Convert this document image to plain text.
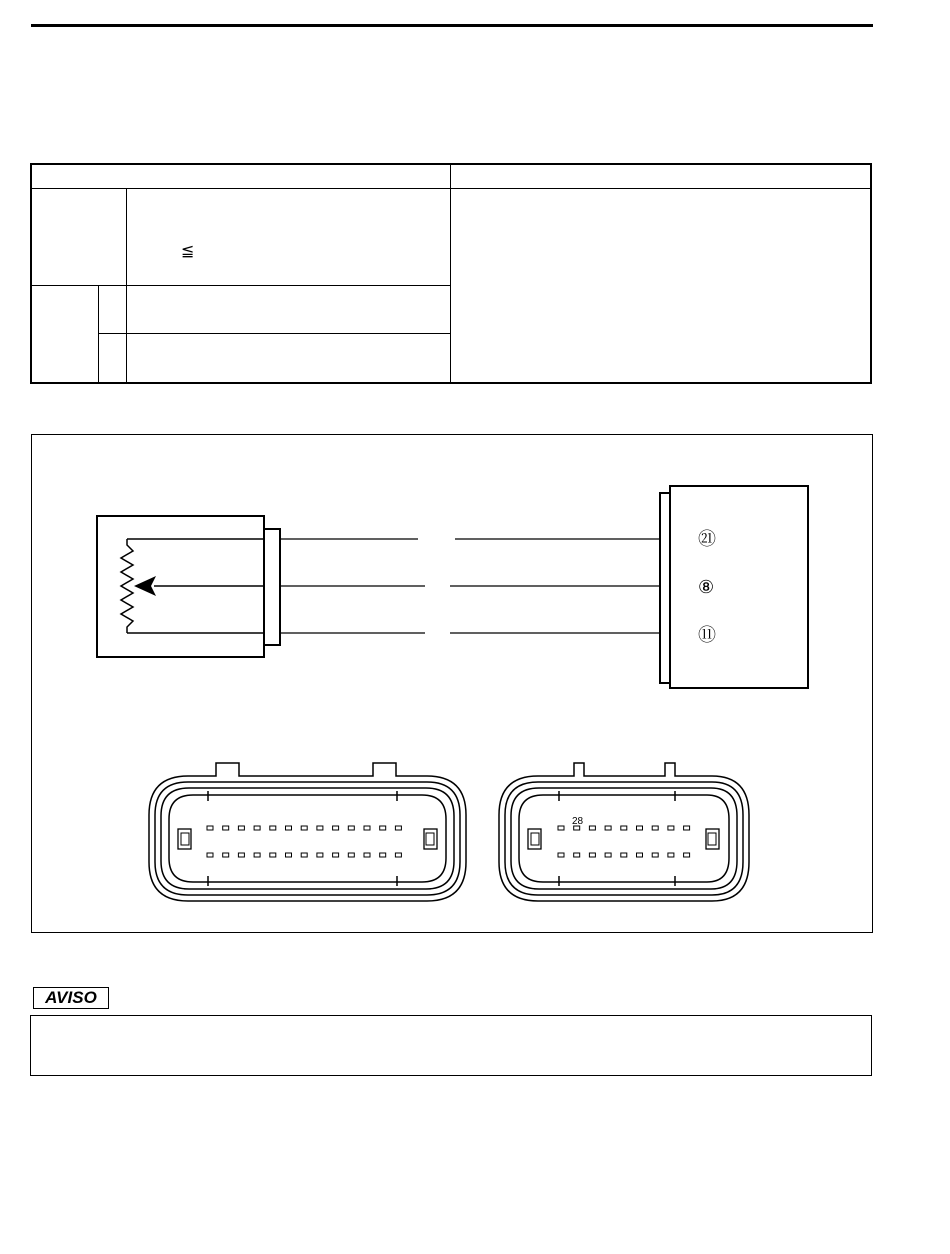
≦
㉑
⑧
⑪
28
AVISO
